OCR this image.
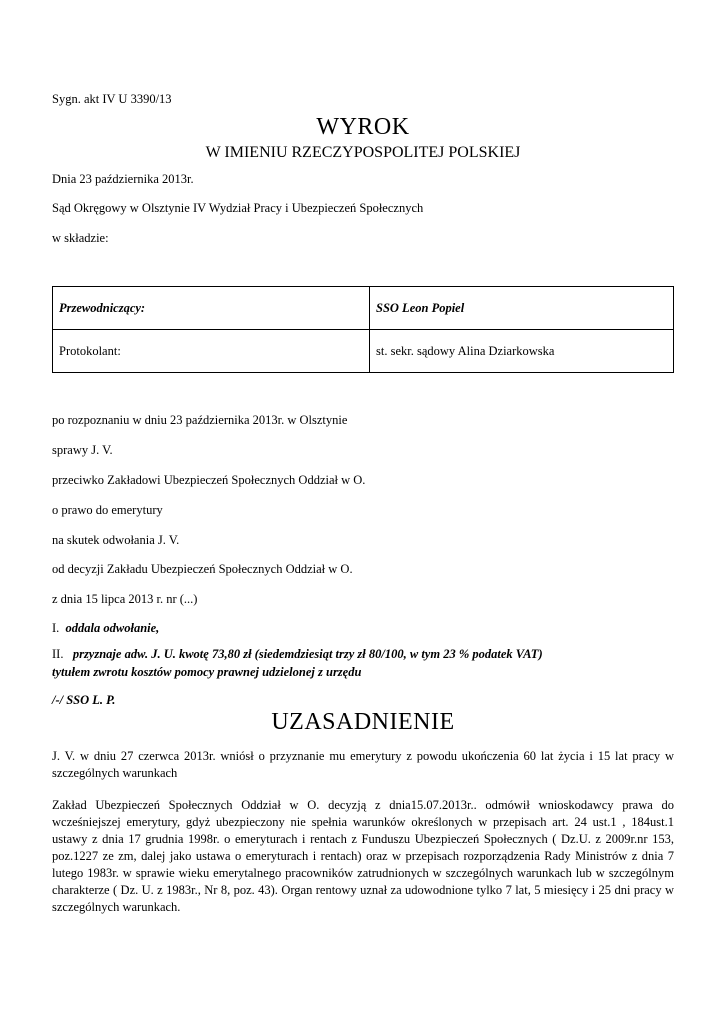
Sygn. akt IV U 3390/13
WYROK
W IMIENIU RZECZYPOSPOLITEJ POLSKIEJ
Dnia 23 października 2013r.
Sąd Okręgowy w Olsztynie IV Wydział Pracy i Ubezpieczeń Społecznych
w składzie:
Przewodniczący:	SSO Leon Popiel
Protokolant:	st. sekr. sądowy Alina Dziarkowska
po rozpoznaniu w dniu 23 października 2013r. w Olsztynie
sprawy J. V.
przeciwko Zakładowi Ubezpieczeń Społecznych Oddział w O.
o prawo do emerytury
na skutek odwołania J. V.
od decyzji Zakładu Ubezpieczeń Społecznych Oddział w O.
z dnia 15 lipca 2013 r. nr (...)
I. oddala odwołanie,
II. przyznaje adw. J. U. kwotę 73,80 zł (siedemdziesiąt trzy zł 80/100, w tym 23 % podatek VAT)
tytułem zwrotu kosztów pomocy prawnej udzielonej z urzędu
/-/ SSO L. P.
UZASADNIENIE
J. V. w dniu 27 czerwca 2013r. wniósł o przyznanie mu emerytury z powodu ukończenia 60 lat życia i 15 lat pracy w szczególnych warunkach
Zakład Ubezpieczeń Społecznych Oddział w O. decyzją z dnia15.07.2013r.. odmówił wnioskodawcy prawa do wcześniejszej emerytury, gdyż ubezpieczony nie spełnia warunków określonych w przepisach art. 24 ust.1 , 184ust.1 ustawy z dnia 17 grudnia 1998r. o emeryturach i rentach z Funduszu Ubezpieczeń Społecznych ( Dz.U. z 2009r.nr 153, poz.1227 ze zm, dalej jako ustawa o emeryturach i rentach) oraz w przepisach rozporządzenia Rady Ministrów z dnia 7 lutego 1983r. w sprawie wieku emerytalnego pracowników zatrudnionych w szczególnych warunkach lub w szczególnym charakterze ( Dz. U. z 1983r., Nr 8, poz. 43). Organ rentowy uznał za udowodnione tylko 7 lat, 5 miesięcy i 25 dni pracy w szczególnych warunkach.
